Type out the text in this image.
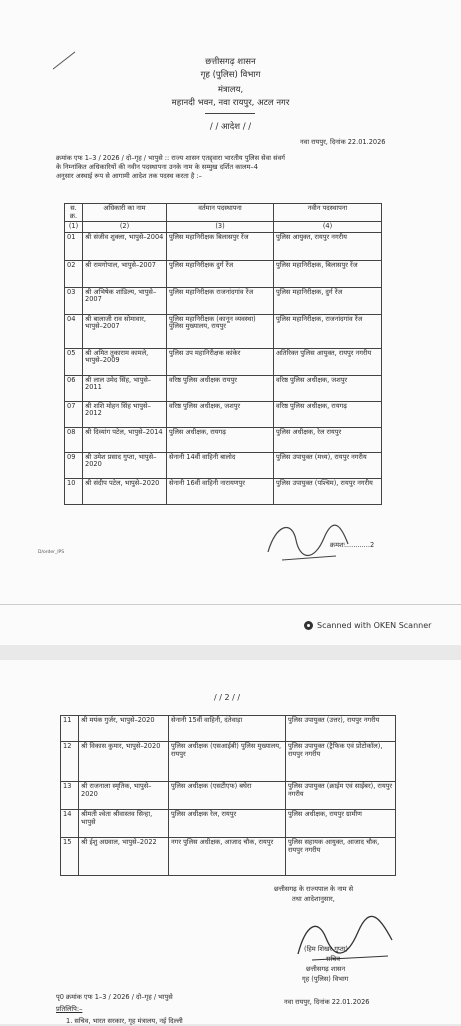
छत्तीसगढ़ शासन
गृह (पुलिस) विभाग
मंत्रालय,
महानदी भवन, नवा रायपुर, अटल नगर
/ / आदेश / /
नवा रायपुर, दिनांक 22.01.2026
क्रमांक एफ 1–3 / 2026 / दो–गृह / भापुसे :: राज्य शासन एतद्द्वारा भारतीय पुलिस सेवा संवर्ग
के निम्नांकित अधिकारियों की नवीन पदस्थापना उनके नाम के सम्मुख दर्शित कालम–4
अनुसार अस्थाई रूप से आगामी आदेश तक पदस्थ करता है :–
स. क्र.	अधिकारी का नाम	वर्तमान पदस्थापना	नवीन पदस्थापना
(1)	(2)	(3)	(4)
01	श्री संजीव शुक्ला, भापुसे–2004	पुलिस महानिरीक्षक बिलासपुर रेंज	पुलिस आयुक्त, रायपुर नगरीय
02	श्री रामगोपाल, भापुसे–2007	पुलिस महानिरीक्षक दुर्ग रेंज	पुलिस महानिरीक्षक, बिलासपुर रेंज
03	श्री अभिषेक शांडिल्य, भापुसे–2007	पुलिस महानिरीक्षक राजनांदगांव रेंज	पुलिस महानिरीक्षक, दुर्ग रेंज
04	श्री बालाजी राव सोमावार, भापुसे–2007	पुलिस महानिरीक्षक (कानून व्यवस्था) पुलिस मुख्यालय, रायपुर	पुलिस महानिरीक्षक, राजनांदगांव रेंज
05	श्री अमित तुकाराम कामले, भापुसे–2009	पुलिस उप महानिरीक्षक कांकेर	अतिरिक्त पुलिस आयुक्त, रायपुर नगरीय
06	श्री लाल उमेद सिंह, भापुसे–2011	वरिष्ठ पुलिस अधीक्षक रायपुर	वरिष्ठ पुलिस अधीक्षक, जशपुर
07	श्री शशि मोहन सिंह भापुसे– 2012	वरिष्ठ पुलिस अधीक्षक, जशपुर	वरिष्ठ पुलिस अधीक्षक, रायगढ़
08	श्री दिव्यांग पटेल, भापुसे–2014	पुलिस अधीक्षक, रायगढ़	पुलिस अधीक्षक, रेल रायपुर
09	श्री उमेश प्रसाद गुप्ता, भापुसे–2020	सेनानी 14वीं वाहिनी बालोद	पुलिस उपायुक्त (मध्य), रायपुर नगरीय
10	श्री संदीप पटेल, भापुसे–2020	सेनानी 16वीं वाहिनी नारायणपुर	पुलिस उपायुक्त (पश्चिम), रायपुर नगरीय
क्रमशः............2
D/order_IPS
Scanned with OKEN Scanner
/ / 2 / /
11	श्री मयंक गुर्जर, भापुसे–2020	सेनानी 15वीं वाहिनी, दंतेवाड़ा	पुलिस उपायुक्त (उत्तर), रायपुर नगरीय
12	श्री विकास कुमार, भापुसे–2020	पुलिस अधीक्षक (एसआईबी) पुलिस मुख्यालय, रायपुर	पुलिस उपायुक्त (ट्रैफिक एवं प्रोटोकॉल), रायपुर नगरीय
13	श्री राजनाला स्मृतिक, भापुसे–2020	पुलिस अधीक्षक (एसटीएफ) बघेरा	पुलिस उपायुक्त (क्राईम एवं साईबर), रायपुर नगरीय
14	श्रीमती श्वेता श्रीवास्तव सिन्हा, भापुसे	पुलिस अधीक्षक रेल, रायपुर	पुलिस अधीक्षक, रायपुर ग्रामीण
15	श्री ईशु अग्रवाल, भापुसे–2022	नगर पुलिस अधीक्षक, आजाद चौक, रायपुर	पुलिस सहायक आयुक्त, आजाद चौक, रायपुर नगरीय
छत्तीसगढ़ के राज्यपाल के नाम से
तथा आदेशानुसार,
(हिम शिखर गुप्ता)
सचिव
छत्तीसगढ़ शासन
गृह (पुलिस) विभाग
पृ0 क्रमांक एफ 1–3 / 2026 / दो–गृह / भापुसे
नवा रायपुर, दिनांक 22.01.2026
प्रतिलिपि:–
1. सचिव, भारत सरकार, गृह मंत्रालय, नई दिल्ली
